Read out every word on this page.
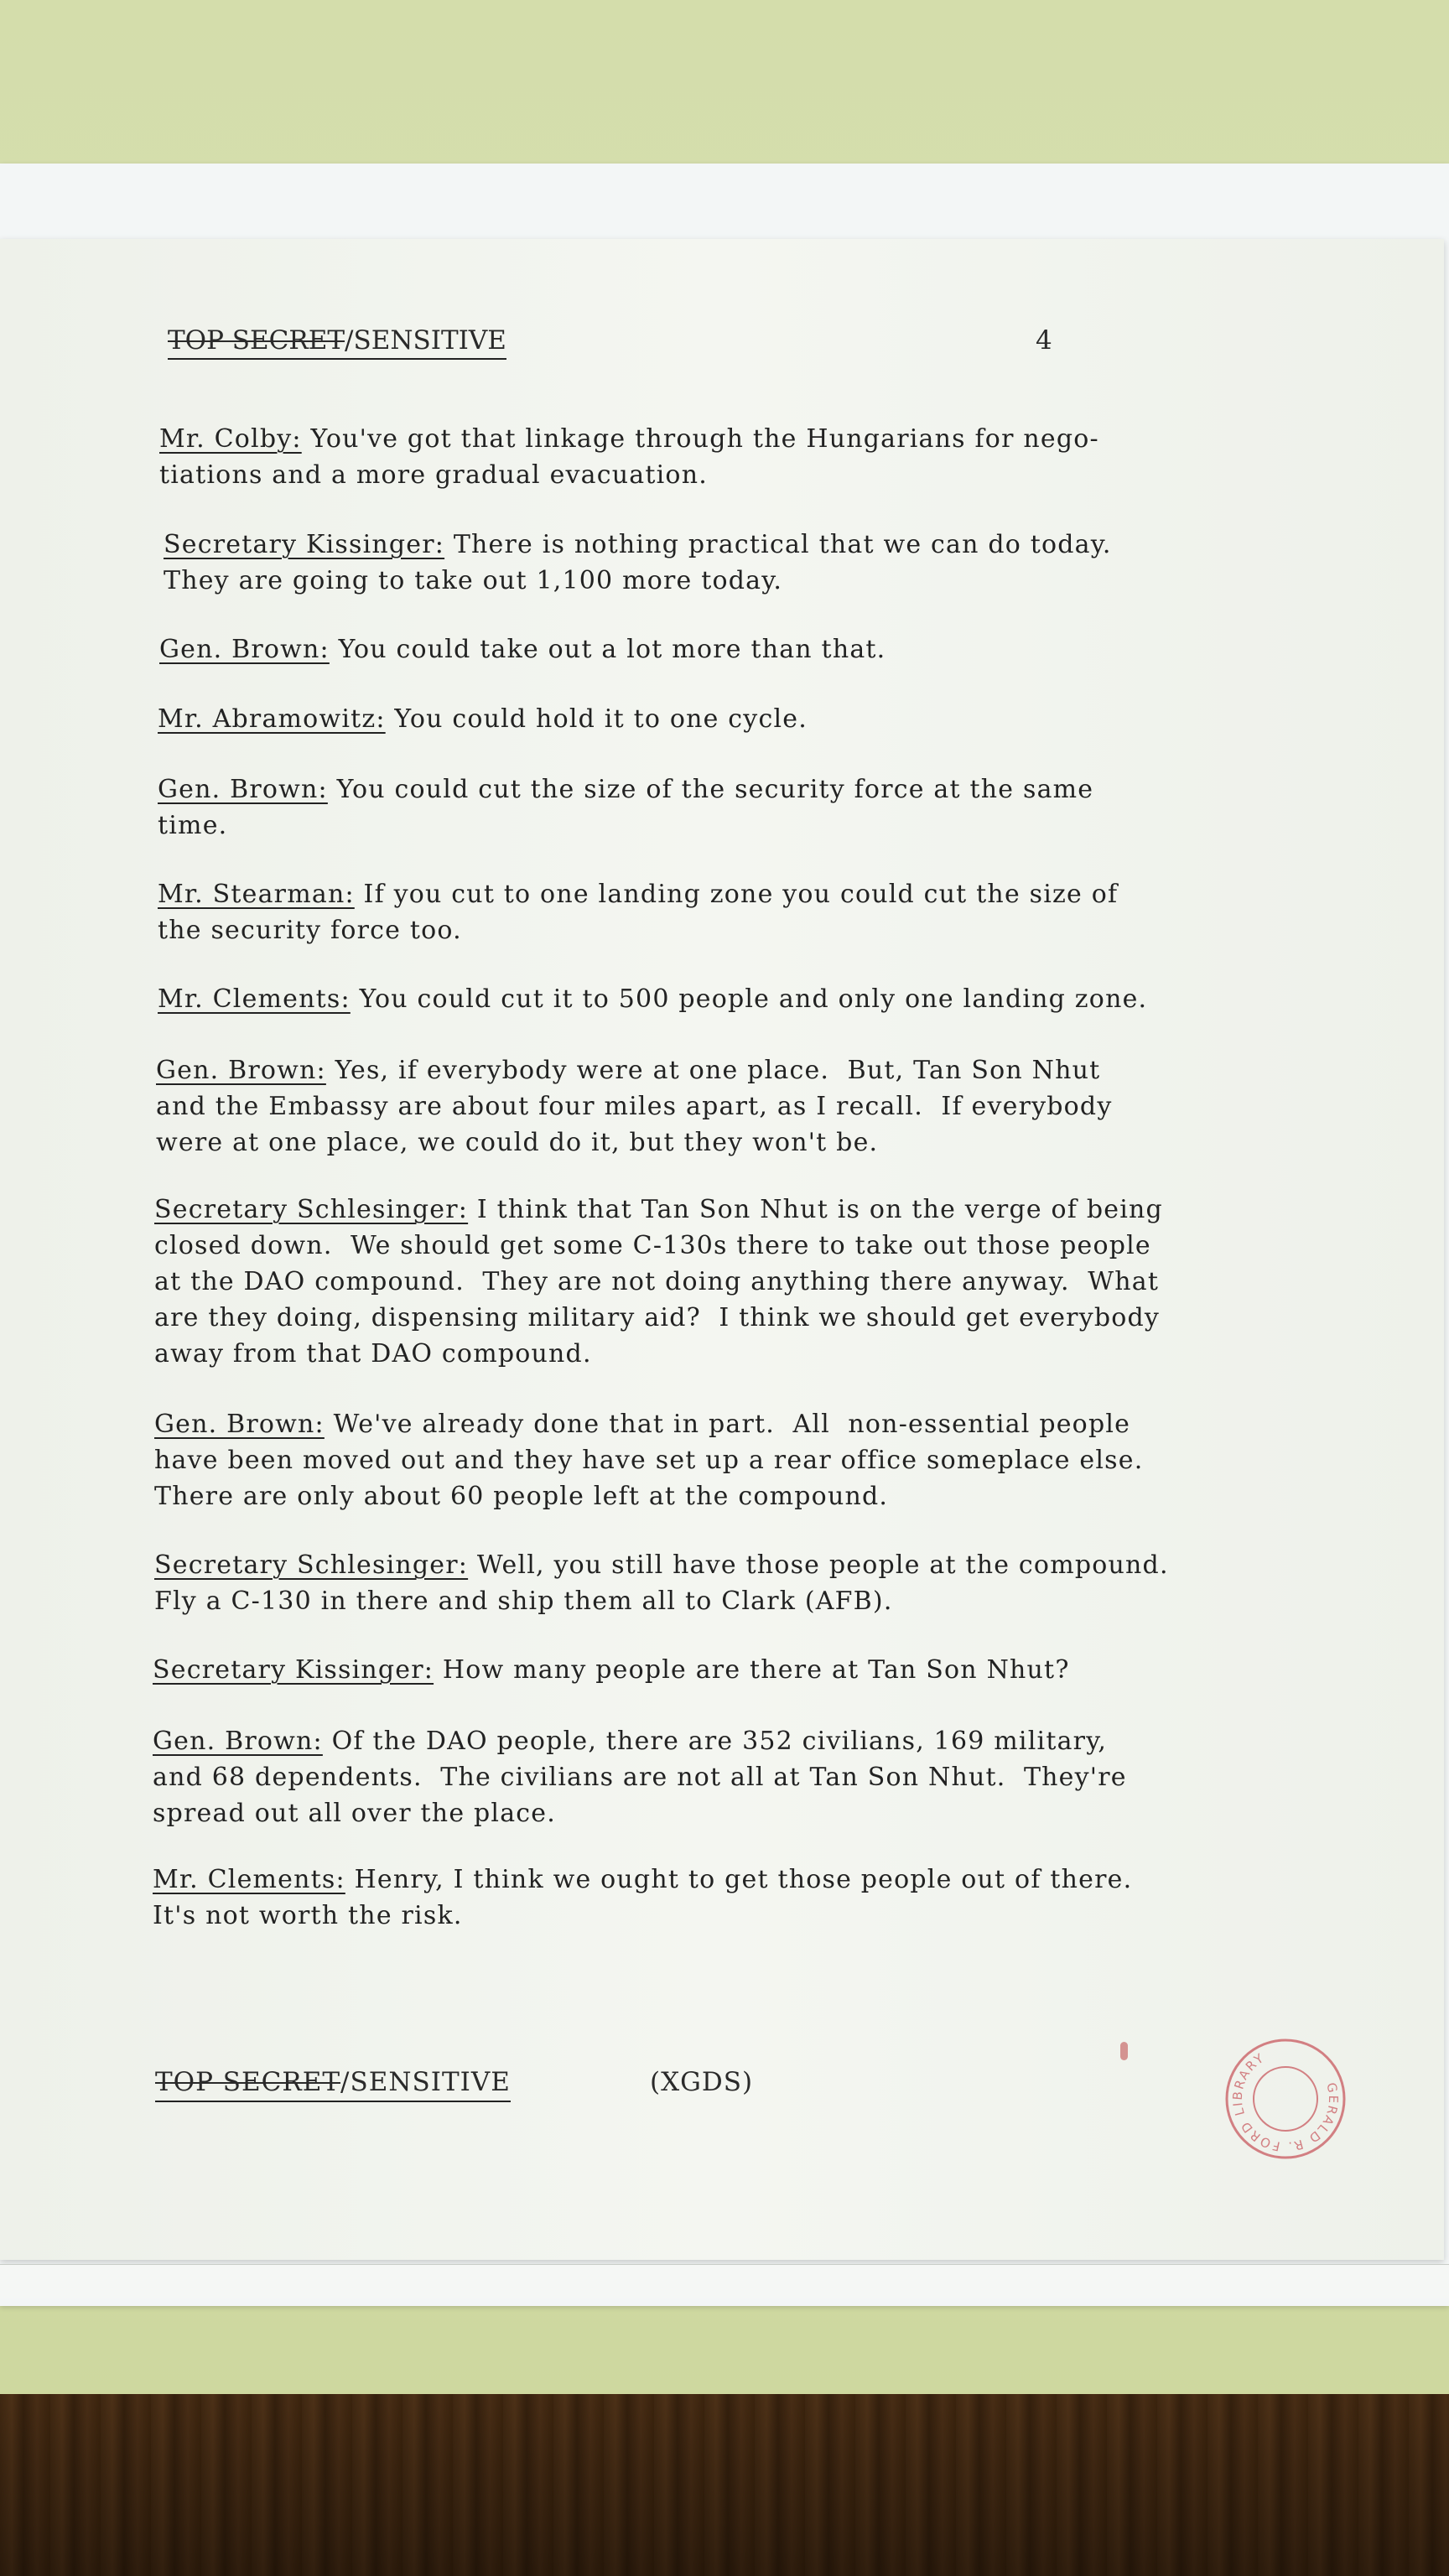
TOP SECRET/SENSITIVE	4

Mr. Colby: You've got that linkage through the Hungarians for nego-
tiations and a more gradual evacuation.

Secretary Kissinger: There is nothing practical that we can do today.
They are going to take out 1,100 more today.

Gen. Brown: You could take out a lot more than that.

Mr. Abramowitz: You could hold it to one cycle.

Gen. Brown: You could cut the size of the security force at the same
time.

Mr. Stearman: If you cut to one landing zone you could cut the size of
the security force too.

Mr. Clements: You could cut it to 500 people and only one landing zone.

Gen. Brown: Yes, if everybody were at one place.  But, Tan Son Nhut
and the Embassy are about four miles apart, as I recall.  If everybody
were at one place, we could do it, but they won't be.

Secretary Schlesinger: I think that Tan Son Nhut is on the verge of being
closed down.  We should get some C-130s there to take out those people
at the DAO compound.  They are not doing anything there anyway.  What
are they doing, dispensing military aid?  I think we should get everybody
away from that DAO compound.

Gen. Brown: We've already done that in part.  All  non-essential people
have been moved out and they have set up a rear office someplace else.
There are only about 60 people left at the compound.

Secretary Schlesinger: Well, you still have those people at the compound.
Fly a C-130 in there and ship them all to Clark (AFB).

Secretary Kissinger: How many people are there at Tan Son Nhut?

Gen. Brown: Of the DAO people, there are 352 civilians, 169 military,
and 68 dependents.  The civilians are not all at Tan Son Nhut.  They're
spread out all over the place.

Mr. Clements: Henry, I think we ought to get those people out of there.
It's not worth the risk.

TOP SECRET/SENSITIVE	(XGDS)	GERALD R. FORD LIBRARY
